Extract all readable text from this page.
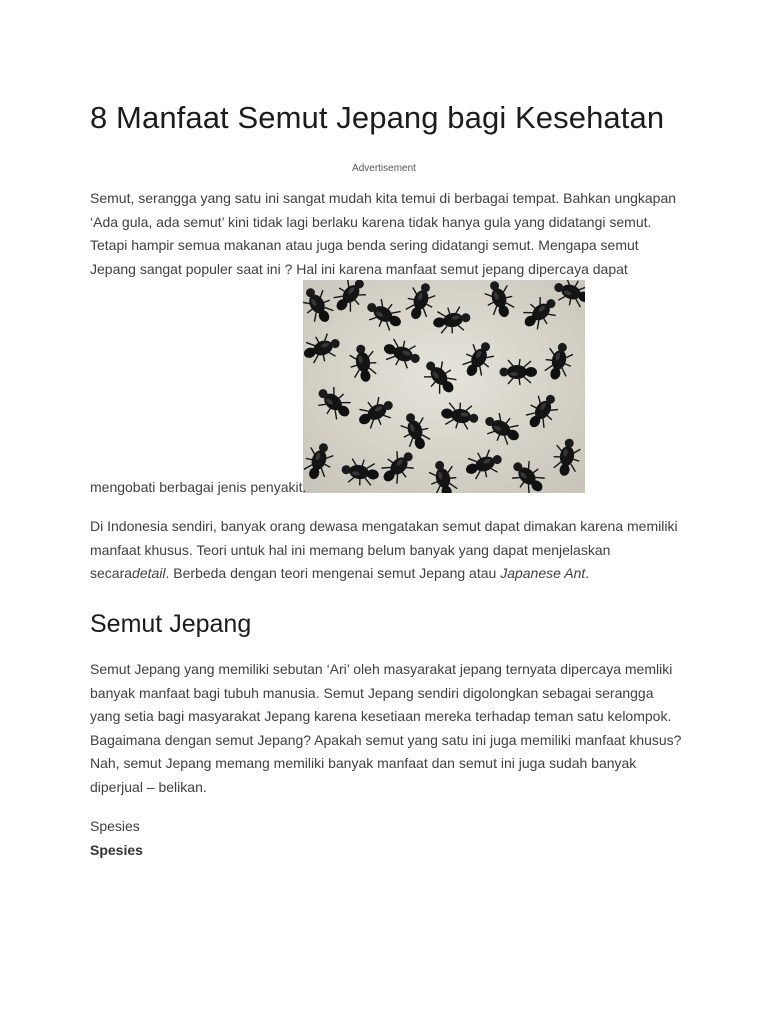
8 Manfaat Semut Jepang bagi Kesehatan
Advertisement

Semut, serangga yang satu ini sangat mudah kita temui di berbagai tempat. Bahkan ungkapan
‘Ada gula, ada semut’ kini tidak lagi berlaku karena tidak hanya gula yang didatangi semut.
Tetapi hampir semua makanan atau juga benda sering didatangi semut. Mengapa semut
Jepang sangat populer saat ini ? Hal ini karena manfaat semut jepang dipercaya dapat

mengobati berbagai jenis penyakit.

Di Indonesia sendiri, banyak orang dewasa mengatakan semut dapat dimakan karena memiliki
manfaat khusus. Teori untuk hal ini memang belum banyak yang dapat menjelaskan
secaradetail. Berbeda dengan teori mengenai semut Jepang atau Japanese Ant.

Semut Jepang

Semut Jepang yang memiliki sebutan ‘Ari’ oleh masyarakat jepang ternyata dipercaya memliki
banyak manfaat bagi tubuh manusia. Semut Jepang sendiri digolongkan sebagai serangga
yang setia bagi masyarakat Jepang karena kesetiaan mereka terhadap teman satu kelompok.
Bagaimana dengan semut Jepang? Apakah semut yang satu ini juga memiliki manfaat khusus?
Nah, semut Jepang memang memiliki banyak manfaat dan semut ini juga sudah banyak
diperjual – belikan.

Spesies
Spesies
